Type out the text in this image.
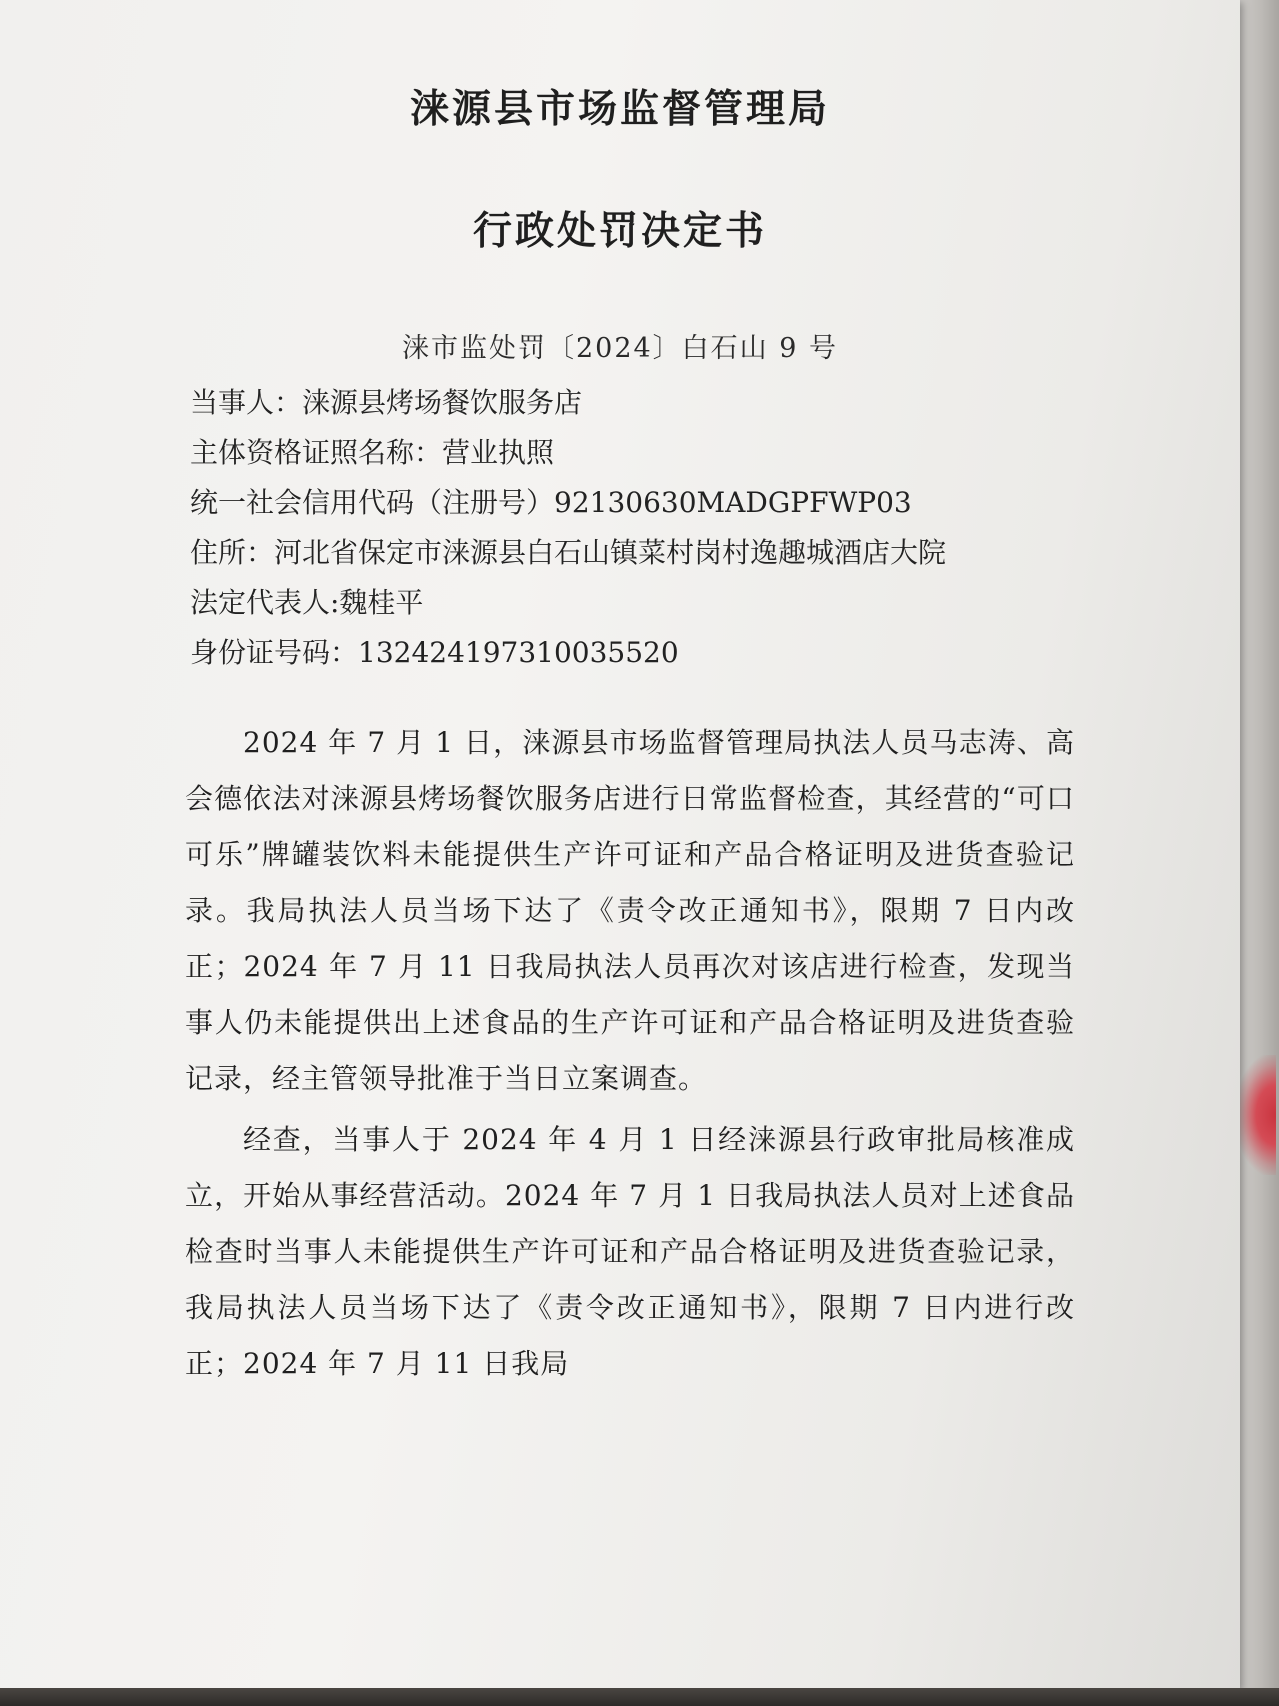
涞源县市场监督管理局
行政处罚决定书
涞市监处罚〔2024〕白石山 9 号
当事人：涞源县烤场餐饮服务店
主体资格证照名称：营业执照
统一社会信用代码（注册号）92130630MADGPFWP03
住所：河北省保定市涞源县白石山镇菜村岗村逸趣城酒店大院
法定代表人:魏桂平
身份证号码：132424197310035520
2024 年 7 月 1 日，涞源县市场监督管理局执法人员马志涛、高会德依法对涞源县烤场餐饮服务店进行日常监督检查，其经营的“可口可乐”牌罐装饮料未能提供生产许可证和产品合格证明及进货查验记录。我局执法人员当场下达了《责令改正通知书》，限期 7 日内改正；2024 年 7 月 11 日我局执法人员再次对该店进行检查，发现当事人仍未能提供出上述食品的生产许可证和产品合格证明及进货查验记录，经主管领导批准于当日立案调查。
经查，当事人于 2024 年 4 月 1 日经涞源县行政审批局核准成立，开始从事经营活动。2024 年 7 月 1 日我局执法人员对上述食品检查时当事人未能提供生产许可证和产品合格证明及进货查验记录，我局执法人员当场下达了《责令改正通知书》，限期 7 日内进行改正；2024 年 7 月 11 日我局
